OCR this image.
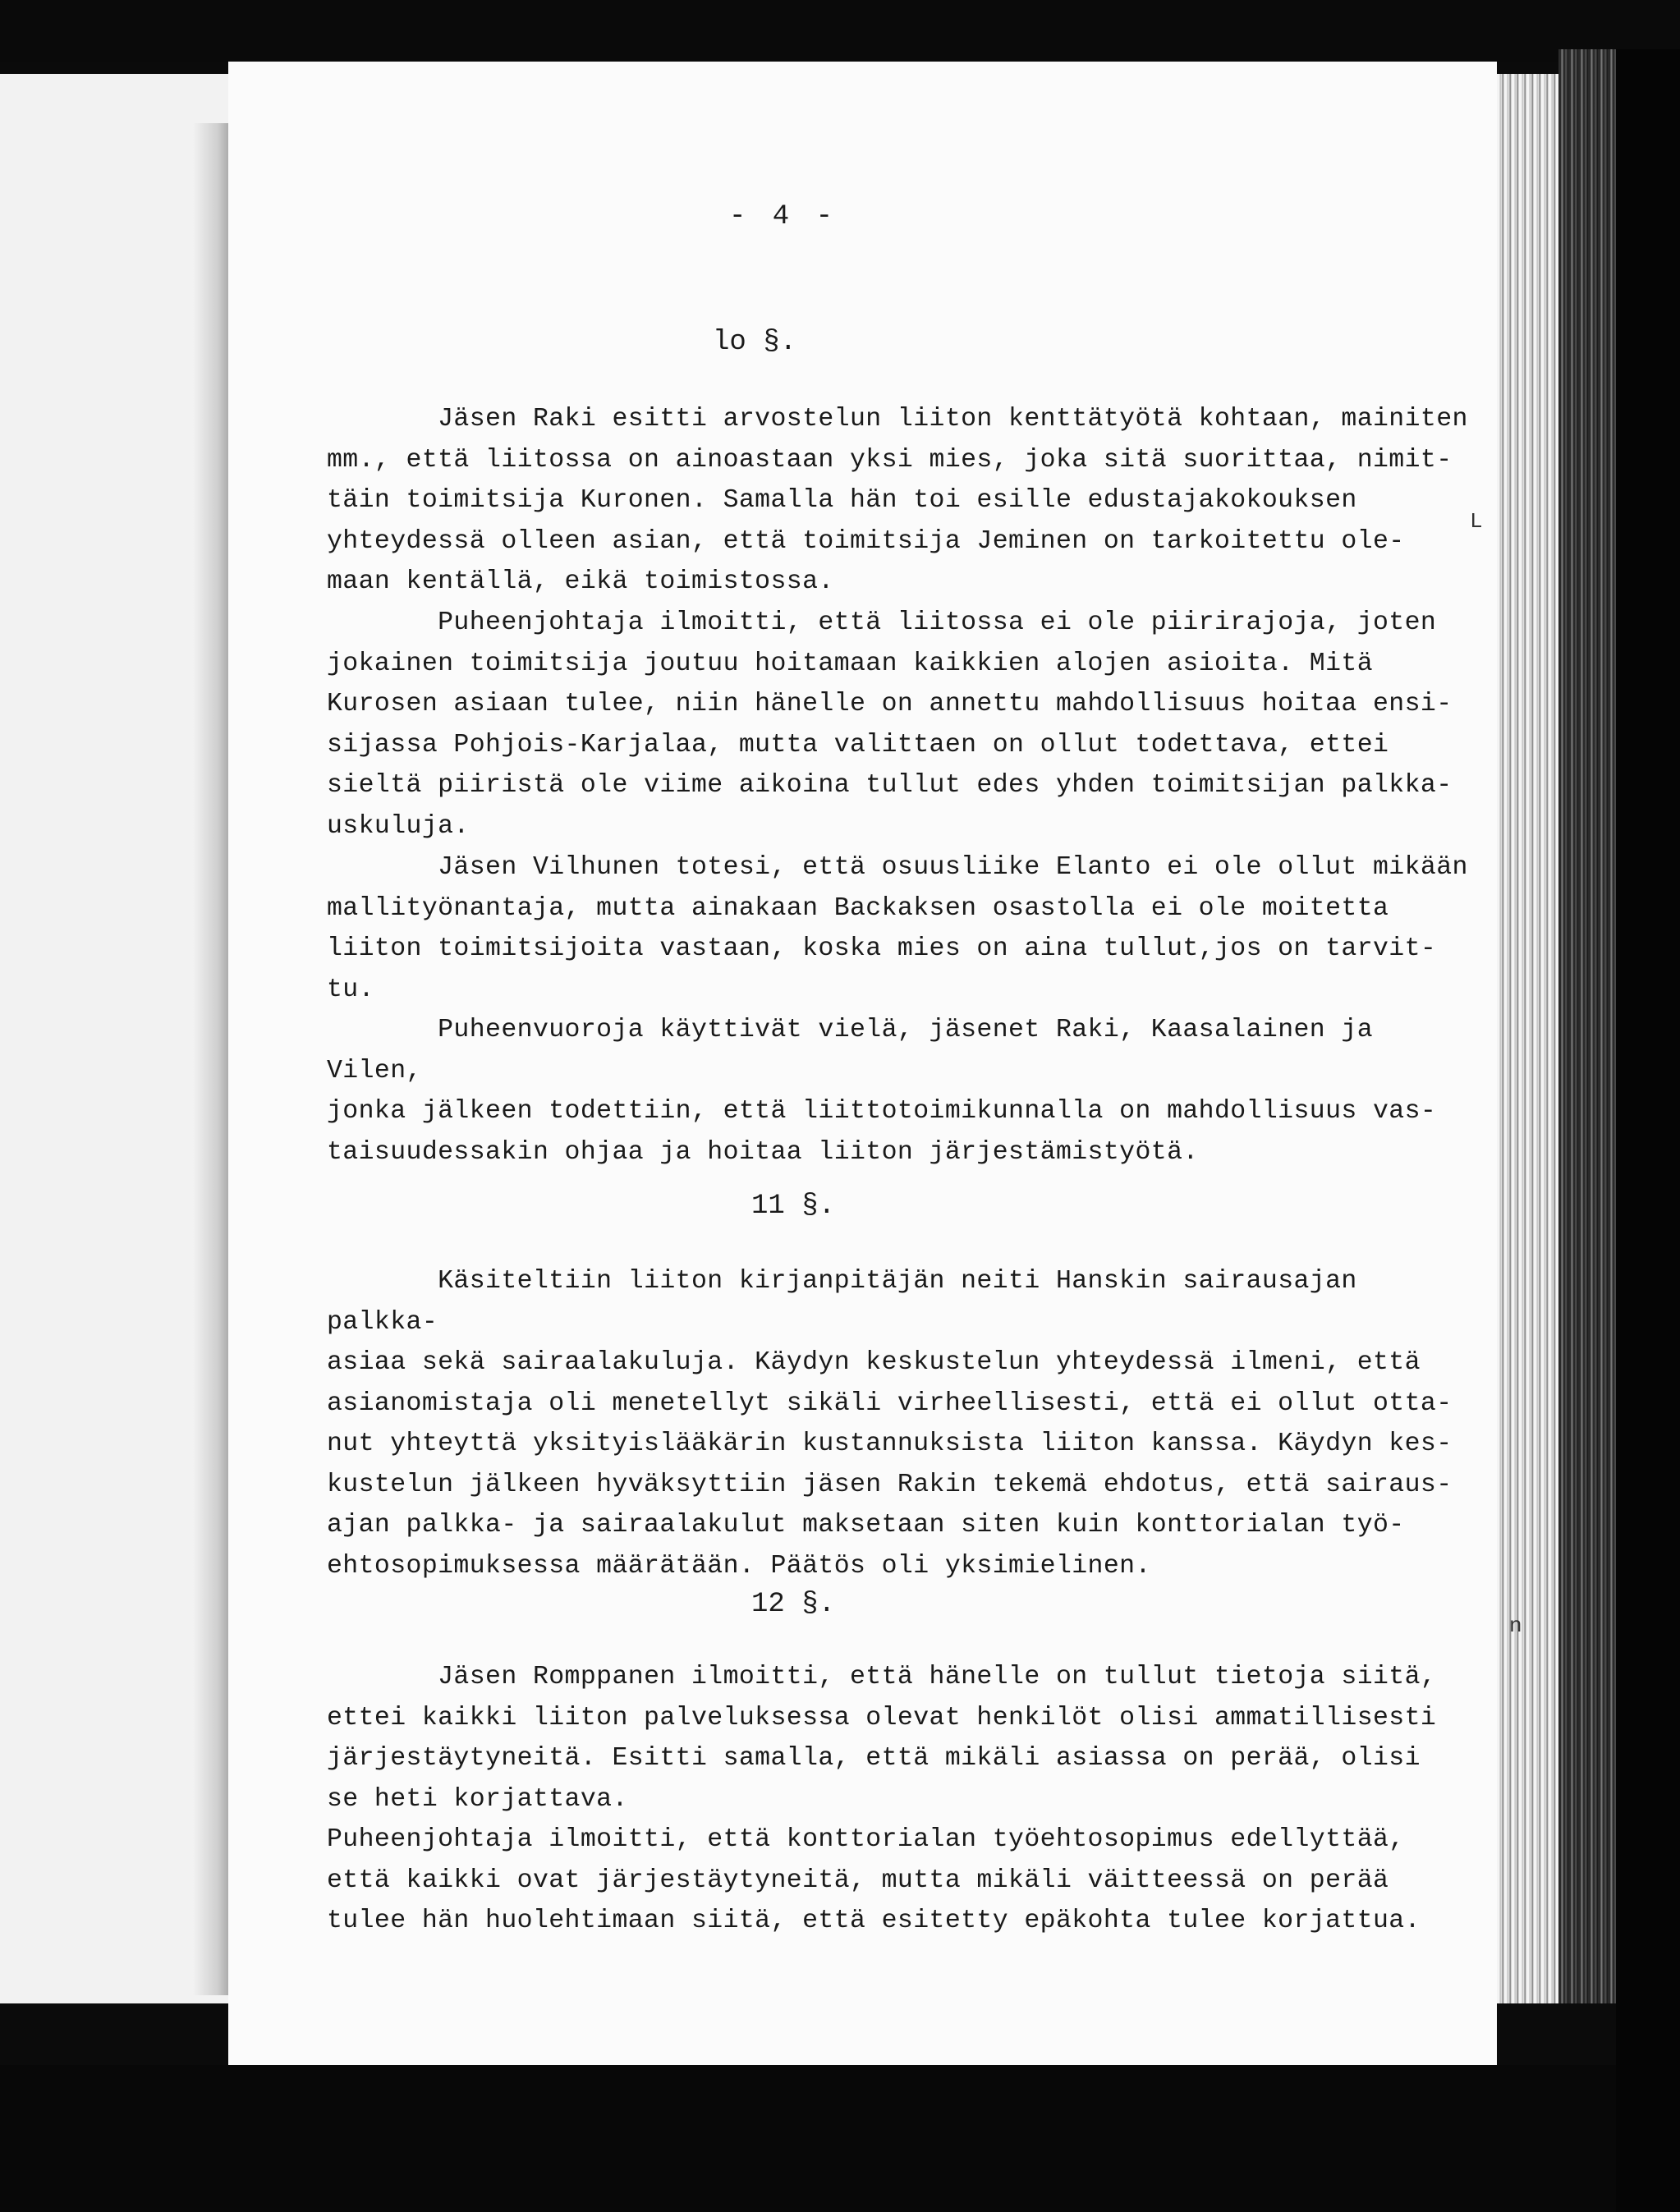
L
n
- 4 -
lo §.

Jäsen Raki esitti arvostelun liiton kenttätyötä kohtaan, mainiten
mm., että liitossa on ainoastaan yksi mies, joka sitä suorittaa, nimit-
täin toimitsija Kuronen. Samalla hän toi esille edustajakokouksen
yhteydessä olleen asian, että toimitsija Jeminen on tarkoitettu ole-
maan kentällä, eikä toimistossa.

Puheenjohtaja ilmoitti, että liitossa ei ole piirirajoja, joten
jokainen toimitsija joutuu hoitamaan kaikkien alojen asioita. Mitä
Kurosen asiaan tulee, niin hänelle on annettu mahdollisuus hoitaa ensi-
sijassa Pohjois-Karjalaa, mutta valittaen on ollut todettava, ettei
sieltä piiristä ole viime aikoina tullut edes yhden toimitsijan palkka-
uskuluja.

Jäsen Vilhunen totesi, että osuusliike Elanto ei ole ollut mikään
mallityönantaja, mutta ainakaan Backaksen osastolla ei ole moitetta
liiton toimitsijoita vastaan, koska mies on aina tullut,jos on tarvit-
tu.

Puheenvuoroja käyttivät vielä, jäsenet Raki, Kaasalainen ja Vilen,
jonka jälkeen todettiin, että liittotoimikunnalla on mahdollisuus vas-
taisuudessakin ohjaa ja hoitaa liiton järjestämistyötä.

11 §.

Käsiteltiin liiton kirjanpitäjän neiti Hanskin sairausajan palkka-
asiaa sekä sairaalakuluja. Käydyn keskustelun yhteydessä ilmeni, että
asianomistaja oli menetellyt sikäli virheellisesti, että ei ollut otta-
nut yhteyttä yksityislääkärin kustannuksista liiton kanssa. Käydyn kes-
kustelun jälkeen hyväksyttiin jäsen Rakin tekemä ehdotus, että sairaus-
ajan palkka- ja sairaalakulut maksetaan siten kuin konttorialan työ-
ehtosopimuksessa määrätään. Päätös oli yksimielinen.

12 §.

Jäsen Romppanen ilmoitti, että hänelle on tullut tietoja siitä,
ettei kaikki liiton palveluksessa olevat henkilöt olisi ammatillisesti
järjestäytyneitä. Esitti samalla, että mikäli asiassa on perää, olisi
se heti korjattava.

Puheenjohtaja ilmoitti, että konttorialan työehtosopimus edellyttää,
että kaikki ovat järjestäytyneitä, mutta mikäli väitteessä on perää
tulee hän huolehtimaan siitä, että esitetty epäkohta tulee korjattua.
